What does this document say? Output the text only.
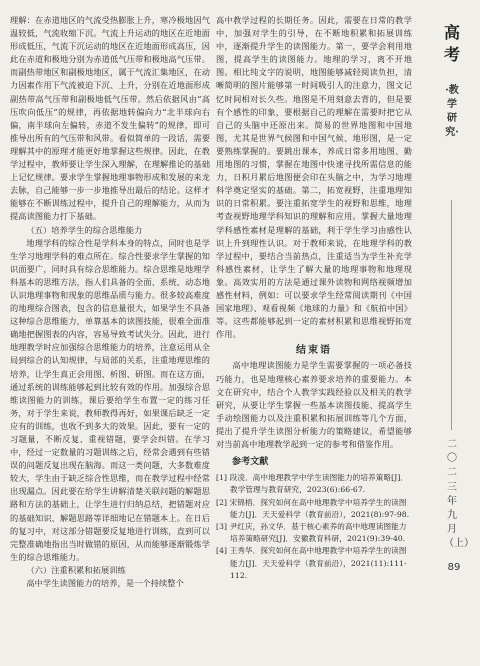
理解：在赤道地区的气流受热膨胀上升，寒冷极地因气温较低，气流收缩下沉。气流上升运动的地区在近地面形成低压，气流下沉运动的地区在近地面形成高压，因此在赤道和极地分别为赤道低气压带和极地高气压带。而副热带地区和副极地地区，属于气流汇集地区，在动力因素作用下气流被迫下沉、上升，分别在近地面形成副热带高气压带和副极地低气压带。然后依据风由“高压吹向低压”的规律，再依据地转偏向力“北半球向右偏，南半球向左偏转，赤道不发生偏转”的规律，即可推导出所有的气压带和风带。看似简单的一段话，需要理解其中的原理才能更好地掌握这些规律。因此，在教学过程中，教师要让学生深入理解，在理解推论的基础上记忆规律。要求学生掌握地理事物形成和发展的来龙去脉，自己能够一步一步地推导出最后的结论。这样才能够在不断训练过程中，提升自己的理解能力，从而为提高读图能力打下基础。

（五）培养学生的综合思维能力

地理学科的综合性是学科本身的特点，同时也是学生学习地理学科的难点所在。综合性要求学生掌握的知识面要广，同时具有综合思维能力。综合思维是地理学科基本的思维方法，指人们具备的全面、系统、动态地认识地理事物和现象的思维品质与能力。很多较高难度的地理综合图表，包含的信息量很大，如果学生不具备这种综合思维能力，单靠基本的读图技能，很难全面准确地把握图表的内容，容易导致考试失分。因此，进行地理教学时应加强综合思维能力的培养，注意运用从全局到综合的认知规律，与局部的关系，注重地理思维的培养，让学生真正会用图、析图、研图。而在这方面，通过系统的训练能够起到比较有效的作用。加强综合思维读图能力的训练，课后要给学生布置一定的练习任务，对于学生来说，教师教得再好，如果课后缺乏一定应有的训练，也收不到多大的效果。因此，要有一定的习题量，不断反复、重视错题，要学会纠错。在学习中，经过一定数量的习题训练之后，经常会遇到有些错误的问题反复出现在脑海。而这一类问题，大多数难度较大，学生由于缺乏综合性思维，而在教学过程中经常出现漏点。因此要在给学生讲解清楚关联问题的解题思路和方法的基础上，让学生进行归纳总结，把错题对应的基础知识、解题思路等详细地记在错题本上。在日后的复习中，对这部分错题要反复地进行训练，直到可以完整准确地指出当时做错的原因，从而能够逐渐锻炼学生的综合思维能力。

（六）注重积累和拓展训练

高中学生读图能力的培养，是一个持续整个

高中教学过程的长期任务。因此，需要在日常的教学中，加强对学生的引导，在不断地积累和拓展训练中，逐渐提升学生的读图能力。第一，要学会利用地图，提高学生的读图能力。地理的学习，离不开地图。相比纯文字的说明，地图能够减轻阅读负担，清晰简明的图片能够第一时间吸引人的注意力，图文记忆时间相对长久些。地图是不用刻意去背的，但是要有个感性的印象，要根据自己的理解在需要时把它从自己的头脑中还原出来。简易的世界地图和中国地图，尤其是世界气候图和中国气候、地形图，是一定要熟练掌握的。要跳出课本，养成日常多用地图、勤用地图的习惯，掌握在地图中快速寻找所需信息的能力，日积月累后地图便会印在头脑之中，为学习地理科学奠定坚实的基础。第二，拓宽视野，注重地理知识的日常积累。要注重拓宽学生的视野和思维，地理考查视野地理学科知识的理解和应用。掌握大量地理学科感性素材是理解的基础，利于学生学习由感性认识上升到理性认识。对于教师来说，在地理学科的教学过程中，要结合当前热点，注重适当为学生补充学科感性素材，让学生了解大量的地理事物和地理现象。高效实用的方法是通过课外读物和网络视频增加感性材料，例如：可以要求学生经常阅读期刊《中国国家地理》、观看视频《地球的力量》和《航拍中国》等。这些都能够起到一定的素材积累和思维视野拓宽作用。

结束语

高中地理读图能力是学生需要掌握的一项必备技巧能力，也是地理核心素养要求培养的重要能力。本文在研究中，结合个人教学实践经验以及相关的教学研究，从要让学生掌握一些基本读图技能、提高学生手动绘图能力以及注重积累和拓展训练等几个方面，提出了提升学生读图分析能力的策略建议，希望能够对当前高中地理教学起到一定的参考和借鉴作用。

参考文献

[1] 段凌．高中地理教学中学生读图能力的培养策略[J]．教学管理与教育研究，2023(6):66-67.

[2] 宋锦榕．探究如何在高中地理教学中培养学生的读图能力[J]．天天爱科学（教育前沿），2021(8):97-98.

[3] 尹红庆，孙文华．基于核心素养的高中地理读图能力培养策略研究[J]．安徽教育科研，2021(9):39-40.

[4] 王秀华．探究如何在高中地理教学中培养学生的读图能力[J]．天天爱科学（教育前沿），2021(11):111-112.

高考
·教学研究·
二〇二三年九月（上）
89
